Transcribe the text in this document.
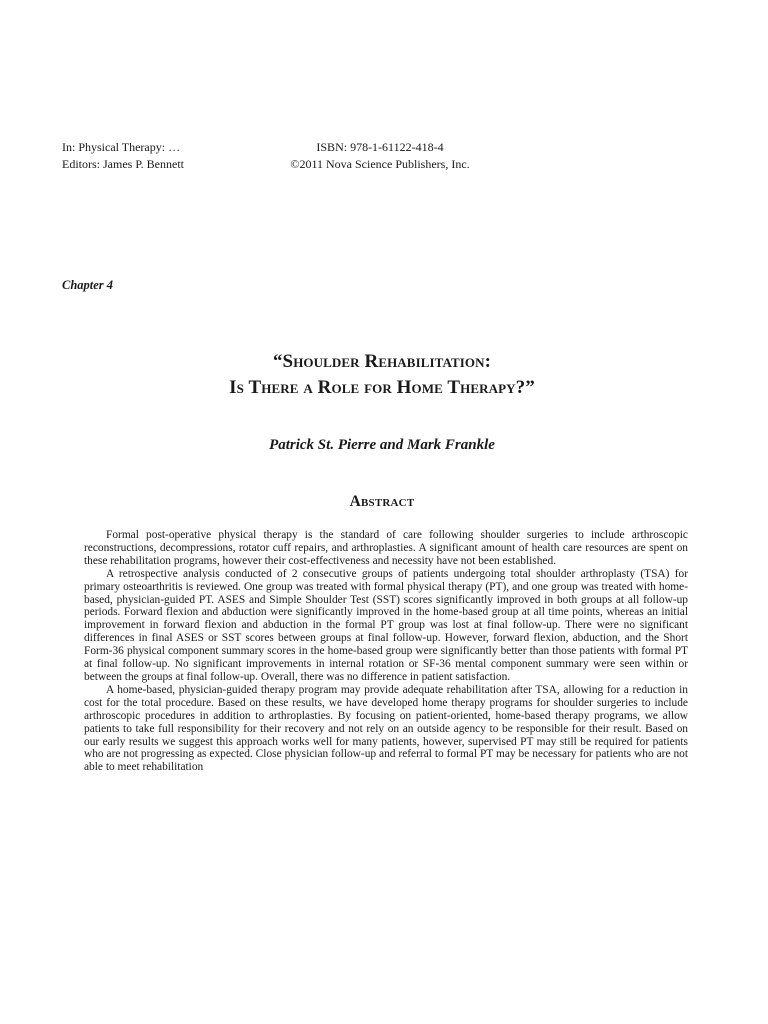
In: Physical Therapy: …	ISBN: 978-1-61122-418-4
Editors: James P. Bennett	©2011 Nova Science Publishers, Inc.
Chapter 4
“Shoulder Rehabilitation:
Is There a Role for Home Therapy?”
Patrick St. Pierre and Mark Frankle
Abstract

Formal post-operative physical therapy is the standard of care following shoulder surgeries to include arthroscopic reconstructions, decompressions, rotator cuff repairs, and arthroplasties. A significant amount of health care resources are spent on these rehabilitation programs, however their cost-effectiveness and necessity have not been established.

A retrospective analysis conducted of 2 consecutive groups of patients undergoing total shoulder arthroplasty (TSA) for primary osteoarthritis is reviewed. One group was treated with formal physical therapy (PT), and one group was treated with home-based, physician-guided PT. ASES and Simple Shoulder Test (SST) scores significantly improved in both groups at all follow-up periods. Forward flexion and abduction were significantly improved in the home-based group at all time points, whereas an initial improvement in forward flexion and abduction in the formal PT group was lost at final follow-up. There were no significant differences in final ASES or SST scores between groups at final follow-up. However, forward flexion, abduction, and the Short Form-36 physical component summary scores in the home-based group were significantly better than those patients with formal PT at final follow-up. No significant improvements in internal rotation or SF-36 mental component summary were seen within or between the groups at final follow-up. Overall, there was no difference in patient satisfaction.

A home-based, physician-guided therapy program may provide adequate rehabilitation after TSA, allowing for a reduction in cost for the total procedure. Based on these results, we have developed home therapy programs for shoulder surgeries to include arthroscopic procedures in addition to arthroplasties. By focusing on patient-oriented, home-based therapy programs, we allow patients to take full responsibility for their recovery and not rely on an outside agency to be responsible for their result. Based on our early results we suggest this approach works well for many patients, however, supervised PT may still be required for patients who are not progressing as expected. Close physician follow-up and referral to formal PT may be necessary for patients who are not able to meet rehabilitation
